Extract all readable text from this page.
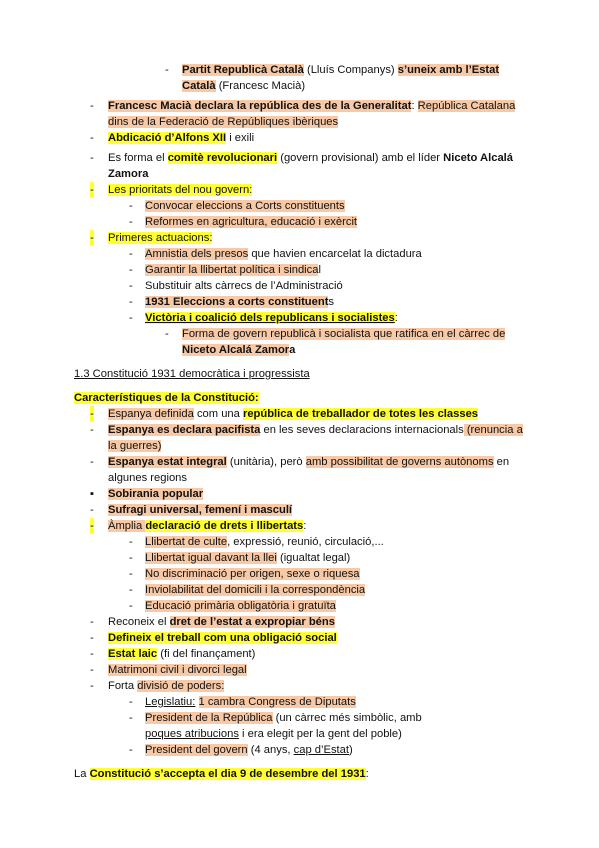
- Partit Republicà Català (Lluís Companys) s’uneix amb l’Estat
Català (Francesc Macià)
- Francesc Macià declara la república des de la Generalitat: República Catalana
dins de la Federació de Repúbliques ibèriques
- Abdicació d’Alfons XII i exili
- Es forma el comitè revolucionari (govern provisional) amb el líder Niceto Alcalá
Zamora
- Les prioritats del nou govern:
- Convocar eleccions a Corts constituents
- Reformes en agricultura, educació i exèrcit
- Primeres actuacions:
- Amnistia dels presos que havien encarcelat la dictadura
- Garantir la llibertat política i sindical
- Substituir alts càrrecs de l’Administració
- 1931 Eleccions a corts constituents
- Victòria i coalició dels republicans i socialistes:
- Forma de govern republicà i socialista que ratifica en el càrrec de
Niceto Alcalá Zamora
1.3 Constitució 1931 democràtica i progressista
Característiques de la Constitució:
- Espanya definida com una república de treballador de totes les classes
- Espanya es declara pacifista en les seves declaracions internacionals (renuncia a
la guerres)
- Espanya estat integral (unitària), però amb possibilitat de governs autònoms en
algunes regions
▪ Sobirania popular
- Sufragi universal, femení i masculí
- Àmplia declaració de drets i llibertats:
- Llibertat de culte, expressió, reunió, circulació,...
- Llibertat igual davant la llei (igualtat legal)
- No discriminació per origen, sexe o riquesa
- Inviolabilitat del domicili i la correspondència
- Educació primària obligatòria i gratuïta
- Reconeix el dret de l’estat a expropiar béns
- Defineix el treball com una obligació social
- Estat laic (fi del finançament)
- Matrimoni civil i divorci legal
- Forta divisió de poders:
- Legislatiu: 1 cambra Congress de Diputats
- President de la República (un càrrec més simbòlic, amb
poques atribucions i era elegit per la gent del poble)
- President del govern (4 anys, cap d’Estat)
La Constitució s’accepta el dia 9 de desembre del 1931:
